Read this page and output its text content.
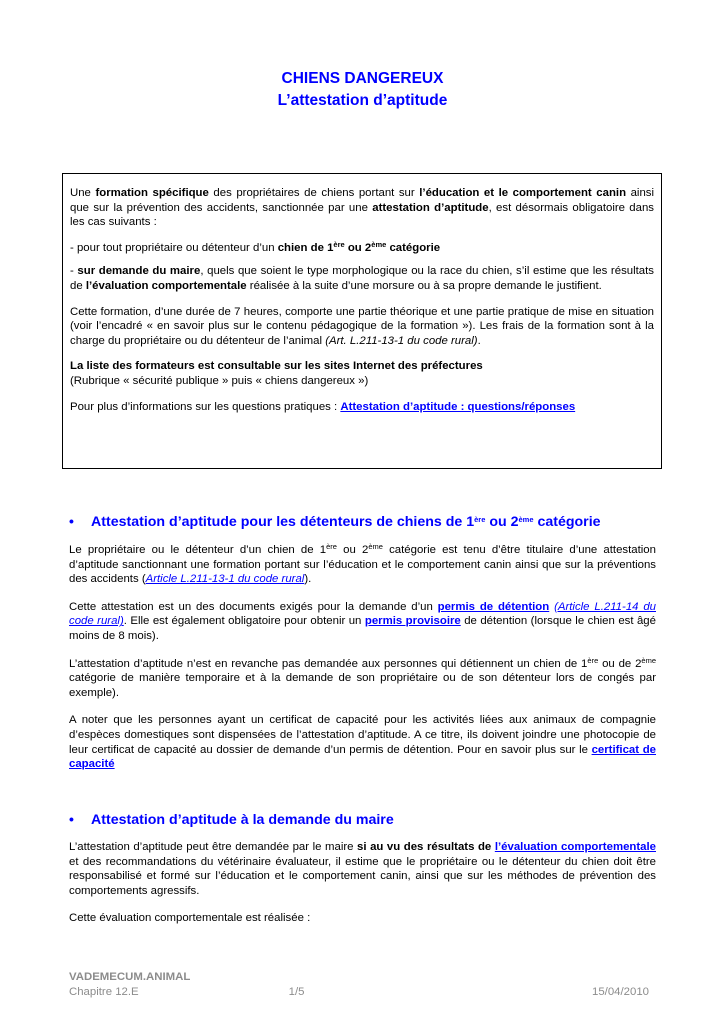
CHIENS DANGEREUX
L’attestation d’aptitude

Une formation spécifique des propriétaires de chiens portant sur l’éducation et le comportement canin ainsi que sur la prévention des accidents, sanctionnée par une attestation d’aptitude, est désormais obligatoire dans les cas suivants :

- pour tout propriétaire ou détenteur d’un chien de 1ère ou 2ème catégorie

- sur demande du maire, quels que soient le type morphologique ou la race du chien, s’il estime que les résultats de l’évaluation comportementale réalisée à la suite d’une morsure ou à sa propre demande le justifient.

Cette formation, d’une durée de 7 heures, comporte une partie théorique et une partie pratique de mise en situation (voir l’encadré « en savoir plus sur le contenu pédagogique de la formation »). Les frais de la formation sont à la charge du propriétaire ou du détenteur de l’animal (Art. L.211-13-1 du code rural).

La liste des formateurs est consultable sur les sites Internet des préfectures
(Rubrique « sécurité publique » puis « chiens dangereux »)

Pour plus d’informations sur les questions pratiques : Attestation d’aptitude : questions/réponses

• Attestation d’aptitude pour les détenteurs de chiens de 1ère ou 2ème catégorie

Le propriétaire ou le détenteur d’un chien de 1ère ou 2ème catégorie est tenu d’être titulaire d’une attestation d’aptitude sanctionnant une formation portant sur l’éducation et le comportement canin ainsi que sur la préventions des accidents (Article L.211-13-1 du code rural).

Cette attestation est un des documents exigés pour la demande d’un permis de détention (Article L.211-14 du code rural). Elle est également obligatoire pour obtenir un permis provisoire de détention (lorsque le chien est âgé moins de 8 mois).

L’attestation d’aptitude n’est en revanche pas demandée aux personnes qui détiennent un chien de 1ère ou de 2ème catégorie de manière temporaire et à la demande de son propriétaire ou de son détenteur lors de congés par exemple).

A noter que les personnes ayant un certificat de capacité pour les activités liées aux animaux de compagnie d’espèces domestiques sont dispensées de l’attestation d’aptitude. A ce titre, ils doivent joindre une photocopie de leur certificat de capacité au dossier de demande d’un permis de détention. Pour en savoir plus sur le certificat de capacité

• Attestation d’aptitude à la demande du maire

L’attestation d’aptitude peut être demandée par le maire si au vu des résultats de l’évaluation comportementale et des recommandations du vétérinaire évaluateur, il estime que le propriétaire ou le détenteur du chien doit être responsabilisé et formé sur l’éducation et le comportement canin, ainsi que sur les méthodes de prévention des comportements agressifs.

Cette évaluation comportementale est réalisée :

VADEMECUM.ANIMAL
Chapitre 12.E	1/5	15/04/2010
